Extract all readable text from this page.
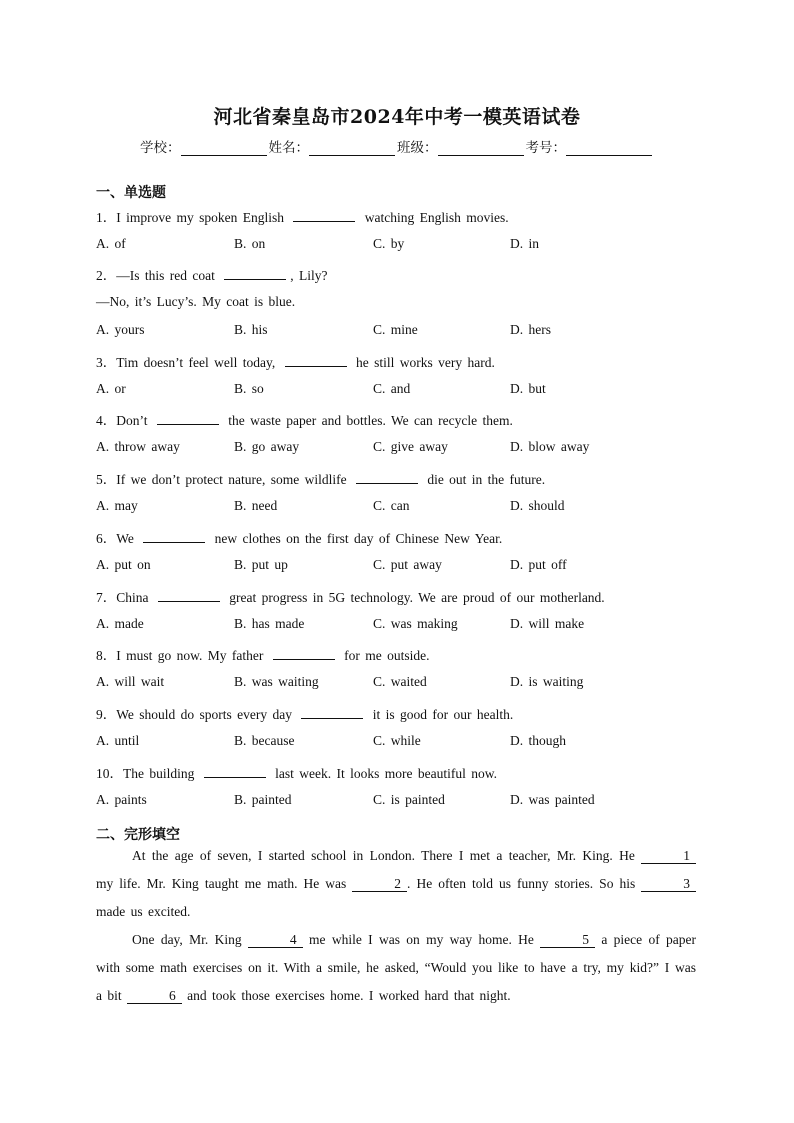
河北省秦皇岛市2024年中考一模英语试卷
学校：	姓名：	班级：	考号：
一、单选题
1．I improve my spoken English	watching English movies.
A. of	B. on	C. by	D. in
2．—Is this red coat	, Lily?
—No, it’s Lucy’s. My coat is blue.
A. yours	B. his	C. mine	D. hers
3．Tim doesn’t feel well today,	he still works very hard.
A. or	B. so	C. and	D. but
4．Don’t	the waste paper and bottles. We can recycle them.
A. throw away	B. go away	C. give away	D. blow away
5．If we don’t protect nature, some wildlife	die out in the future.
A. may	B. need	C. can	D. should
6．We	new clothes on the first day of Chinese New Year.
A. put on	B. put up	C. put away	D. put off
7．China	great progress in 5G technology. We are proud of our motherland.
A. made	B. has made	C. was making	D. will make
8．I must go now. My father	for me outside.
A. will wait	B. was waiting	C. waited	D. is waiting
9．We should do sports every day	it is good for our health.
A. until	B. because	C. while	D. though
10．The building	last week. It looks more beautiful now.
A. paints	B. painted	C. is painted	D. was painted
二、完形填空
At the age of seven, I started school in London. There I met a teacher, Mr. King. He	1 my life. Mr. King taught me math. He was	2 . He often told us funny stories. So his	3 made us excited.
One day, Mr. King	4 me while I was on my way home. He	5 a piece of paper with some math exercises on it. With a smile, he asked, “Would you like to have a try, my kid?” I was a bit	6 and took those exercises home. I worked hard that night.
